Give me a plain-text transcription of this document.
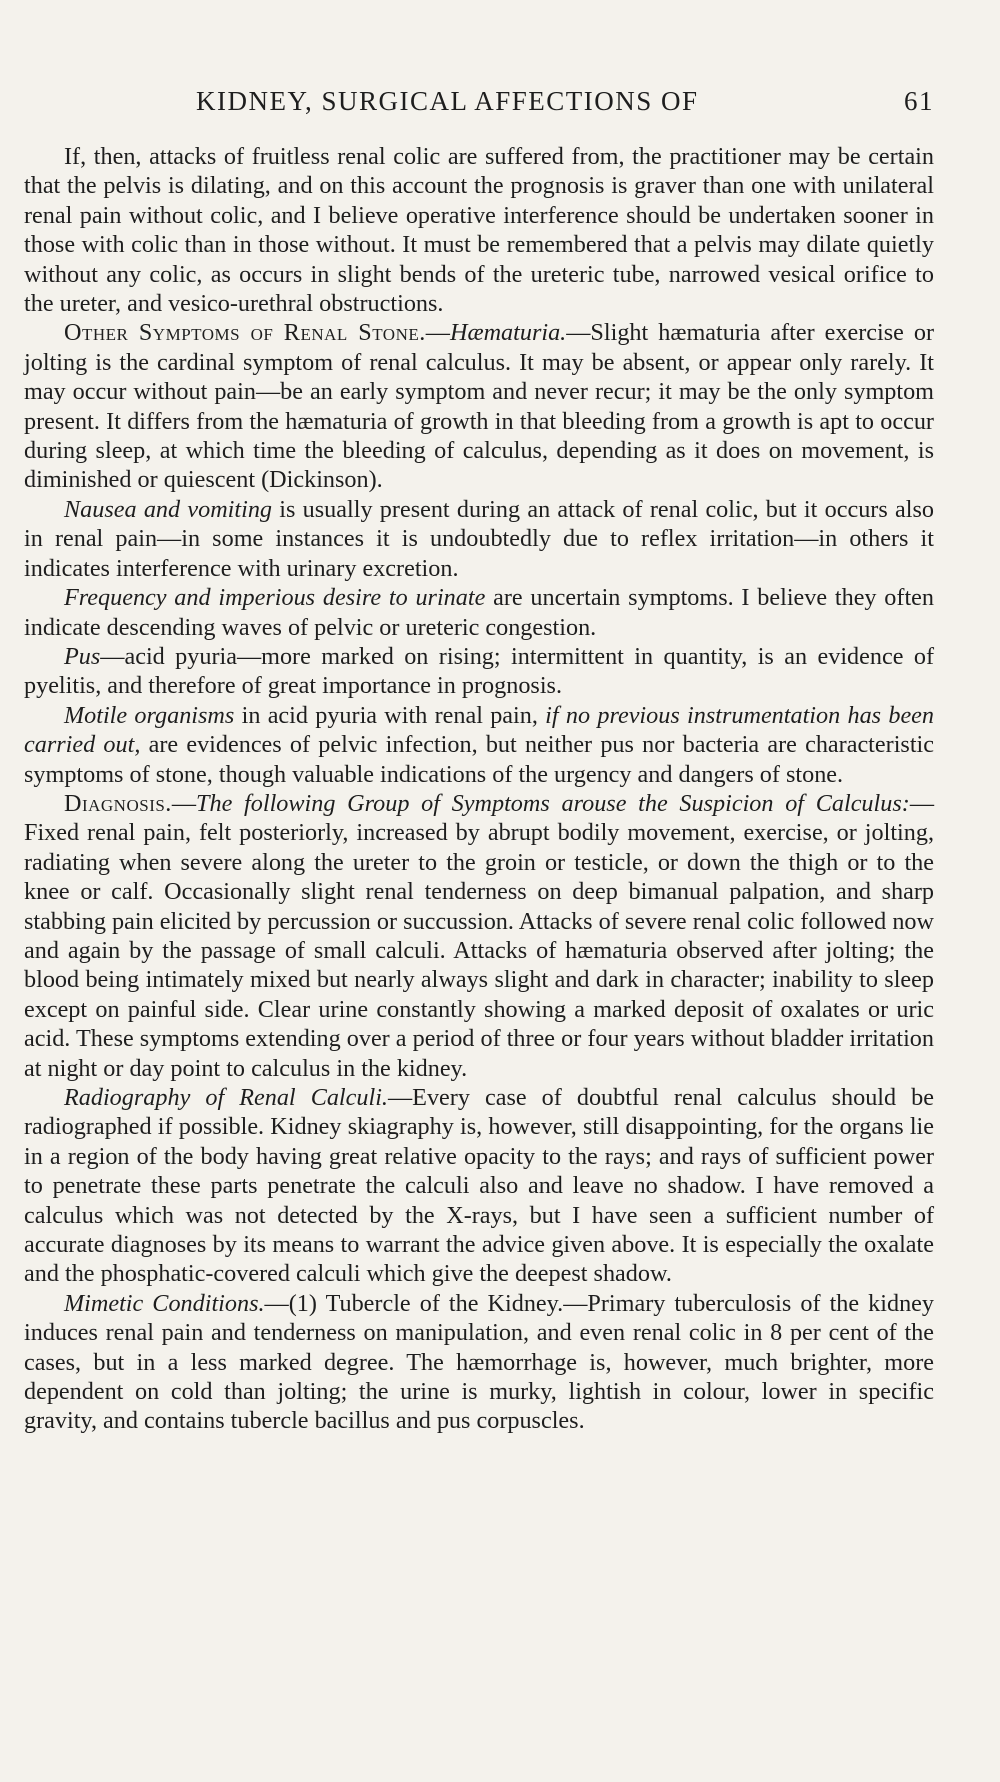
KIDNEY, SURGICAL AFFECTIONS OF	61

If, then, attacks of fruitless renal colic are suffered from, the practitioner may be certain that the pelvis is dilating, and on this account the prognosis is graver than one with unilateral renal pain without colic, and I believe operative interference should be undertaken sooner in those with colic than in those without. It must be remembered that a pelvis may dilate quietly without any colic, as occurs in slight bends of the ureteric tube, narrowed vesical orifice to the ureter, and vesico-urethral obstructions.

Other Symptoms of Renal Stone.—Hæmaturia.—Slight hæmaturia after exercise or jolting is the cardinal symptom of renal calculus. It may be absent, or appear only rarely. It may occur without pain—be an early symptom and never recur; it may be the only symptom present. It differs from the hæmaturia of growth in that bleeding from a growth is apt to occur during sleep, at which time the bleeding of calculus, depending as it does on movement, is diminished or quiescent (Dickinson).

Nausea and vomiting is usually present during an attack of renal colic, but it occurs also in renal pain—in some instances it is undoubtedly due to reflex irritation—in others it indicates interference with urinary excretion.

Frequency and imperious desire to urinate are uncertain symptoms. I believe they often indicate descending waves of pelvic or ureteric congestion.

Pus—acid pyuria—more marked on rising; intermittent in quantity, is an evidence of pyelitis, and therefore of great importance in prognosis.

Motile organisms in acid pyuria with renal pain, if no previous instrumentation has been carried out, are evidences of pelvic infection, but neither pus nor bacteria are characteristic symptoms of stone, though valuable indications of the urgency and dangers of stone.

Diagnosis.—The following Group of Symptoms arouse the Suspicion of Calculus:—Fixed renal pain, felt posteriorly, increased by abrupt bodily movement, exercise, or jolting, radiating when severe along the ureter to the groin or testicle, or down the thigh or to the knee or calf. Occasionally slight renal tenderness on deep bimanual palpation, and sharp stabbing pain elicited by percussion or succussion. Attacks of severe renal colic followed now and again by the passage of small calculi. Attacks of hæmaturia observed after jolting; the blood being intimately mixed but nearly always slight and dark in character; inability to sleep except on painful side. Clear urine constantly showing a marked deposit of oxalates or uric acid. These symptoms extending over a period of three or four years without bladder irritation at night or day point to calculus in the kidney.

Radiography of Renal Calculi.—Every case of doubtful renal calculus should be radiographed if possible. Kidney skiagraphy is, however, still disappointing, for the organs lie in a region of the body having great relative opacity to the rays; and rays of sufficient power to penetrate these parts penetrate the calculi also and leave no shadow. I have removed a calculus which was not detected by the X-rays, but I have seen a sufficient number of accurate diagnoses by its means to warrant the advice given above. It is especially the oxalate and the phosphatic-covered calculi which give the deepest shadow.

Mimetic Conditions.—(1) Tubercle of the Kidney.—Primary tuberculosis of the kidney induces renal pain and tenderness on manipulation, and even renal colic in 8 per cent of the cases, but in a less marked degree. The hæmorrhage is, however, much brighter, more dependent on cold than jolting; the urine is murky, lightish in colour, lower in specific gravity, and contains tubercle bacillus and pus corpuscles.
